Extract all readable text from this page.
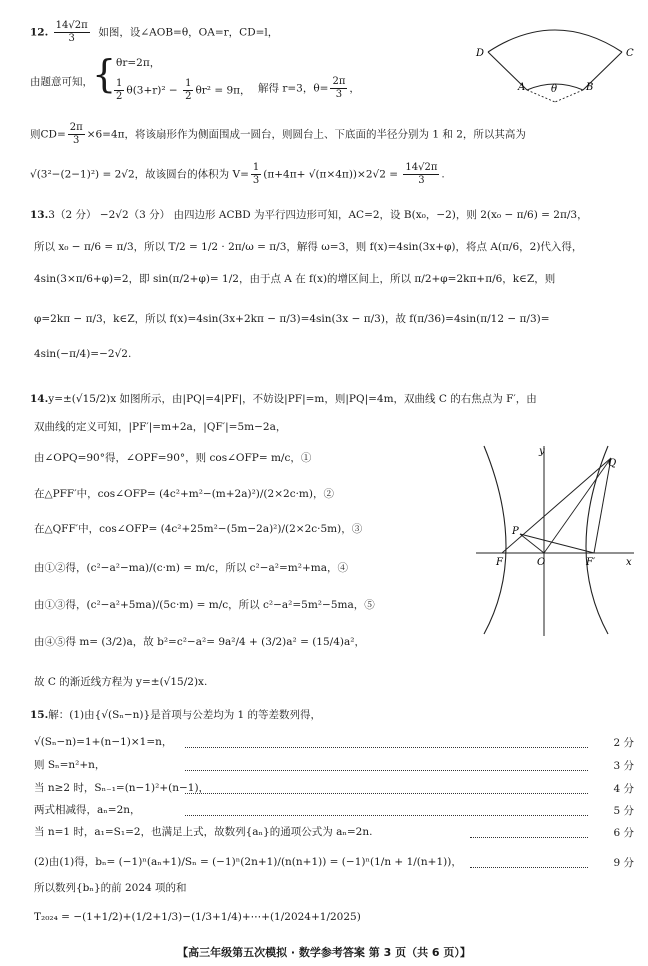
12. $\frac{14√2\pi}{3}$ 如图，设∠AOB=θ，OA=r，CD=l，
由题意可知， { θr=2π，
$\frac{1}{2} \theta(3+r)^2 - \frac{1}{2} \theta r^2 = 9\pi$， 解得 r=3，$\theta= \frac{2\pi}{3}$ ，
则$CD= \frac{2\pi}{3} \times 6=4\pi$，将该扇形作为侧面围成一圆台，则圆台上、下底面的半径分别为 1 和 2，所以其高为
√(3²−(2−1)²) = 2√2，故该圆台的体积为 $V= \frac{1}{3} (\pi+4\pi+ √(\pi\times 4\pi))\times 2√2 = \frac{14√2\pi}{3}$ .
D	C
A	B
θ
13.3（2 分） −2√2（3 分） 由四边形 ACBD 为平行四边形可知，AC=2，设 B(x₀，−2)，则 2(x₀ − π/6) = 2π/3，
所以 x₀ − π/6 = π/3，所以 T/2 = 1/2 · 2π/ω = π/3，解得 ω=3，则 f(x)=4sin(3x+φ)，将点 A(π/6，2)代入得，
4sin(3×π/6+φ)=2，即 sin(π/2+φ)= 1/2，由于点 A 在 f(x)的增区间上，所以 π/2+φ=2kπ+π/6，k∈Z，则
φ=2kπ − π/3，k∈Z，所以 f(x)=4sin(3x+2kπ − π/3)=4sin(3x − π/3)，故 f(π/36)=4sin(π/12 − π/3)=
4sin(−π/4)=−2√2.
14.y=±(√15/2)x 如图所示，由|PQ|=4|PF|，不妨设|PF|=m，则|PQ|=4m，双曲线 C 的右焦点为 F′，由
双曲线的定义可知，|PF′|=m+2a，|QF′|=5m−2a，
由∠OPQ=90°得，∠OPF=90°，则 cos∠OFP= m/c，①
在△PFF′中，cos∠OFP= (4c²+m²−(m+2a)²)/(2×2c·m)，②
在△QFF′中，cos∠OFP= (4c²+25m²−(5m−2a)²)/(2×2c·5m)，③
由①②得，(c²−a²−ma)/(c·m) = m/c，所以 c²−a²=m²+ma，④
由①③得，(c²−a²+5ma)/(5c·m) = m/c，所以 c²−a²=5m²−5ma，⑤
由④⑤得 m= (3/2)a，故 b²=c²−a²= 9a²/4 + (3/2)a² = (15/4)a²，
故 C 的渐近线方程为 y=±(√15/2)x.
y
Q
P
F	O	F′	x
15.解：(1)由{√(Sₙ−n)}是首项与公差均为 1 的等差数列得，
√(Sₙ−n)=1+(n−1)×1=n，	2 分
则 Sₙ=n²+n，	3 分
当 n≥2 时，Sₙ₋₁=(n−1)²+(n−1)，	4 分
两式相减得，aₙ=2n，	5 分
当 n=1 时，a₁=S₁=2，也满足上式，故数列{aₙ}的通项公式为 aₙ=2n.	6 分
(2)由(1)得，bₙ= (−1)ⁿ(aₙ+1)/Sₙ = (−1)ⁿ(2n+1)/(n(n+1)) = (−1)ⁿ(1/n + 1/(n+1))，	9 分
所以数列{bₙ}的前 2024 项的和
T₂₀₂₄ = −(1+1/2)+(1/2+1/3)−(1/3+1/4)+⋯+(1/2024+1/2025)
【高三年级第五次模拟 · 数学参考答案 第 3 页（共 6 页）】
